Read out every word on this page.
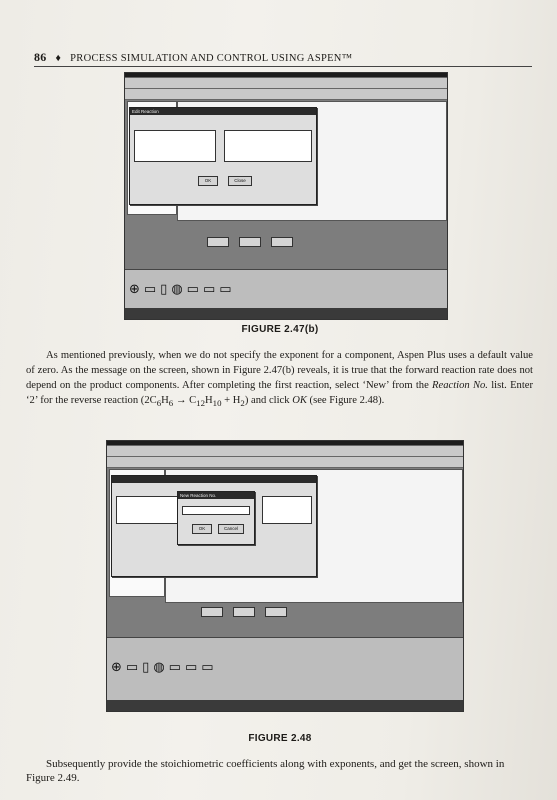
86 ♦ PROCESS SIMULATION AND CONTROL USING ASPEN™
Edit Reaction
OK	Close
⊕▭▯◍▭▭▭
FIGURE 2.47(b)

As mentioned previously, when we do not specify the exponent for a component, Aspen Plus uses a default value of zero. As the message on the screen, shown in Figure 2.47(b) reveals, it is true that the forward reaction rate does not depend on the product components. After completing the first reaction, select ‘New’ from the Reaction No. list. Enter ‘2’ for the reverse reaction $(2C_6H_6 \to C_{12}H_{10} + H_2)$ and click OK (see Figure 2.48).

New Reaction No.
OK	Cancel
⊕▭▯◍▭▭▭
FIGURE 2.48

Subsequently provide the stoichiometric coefficients along with exponents, and get the screen, shown in Figure 2.49.
